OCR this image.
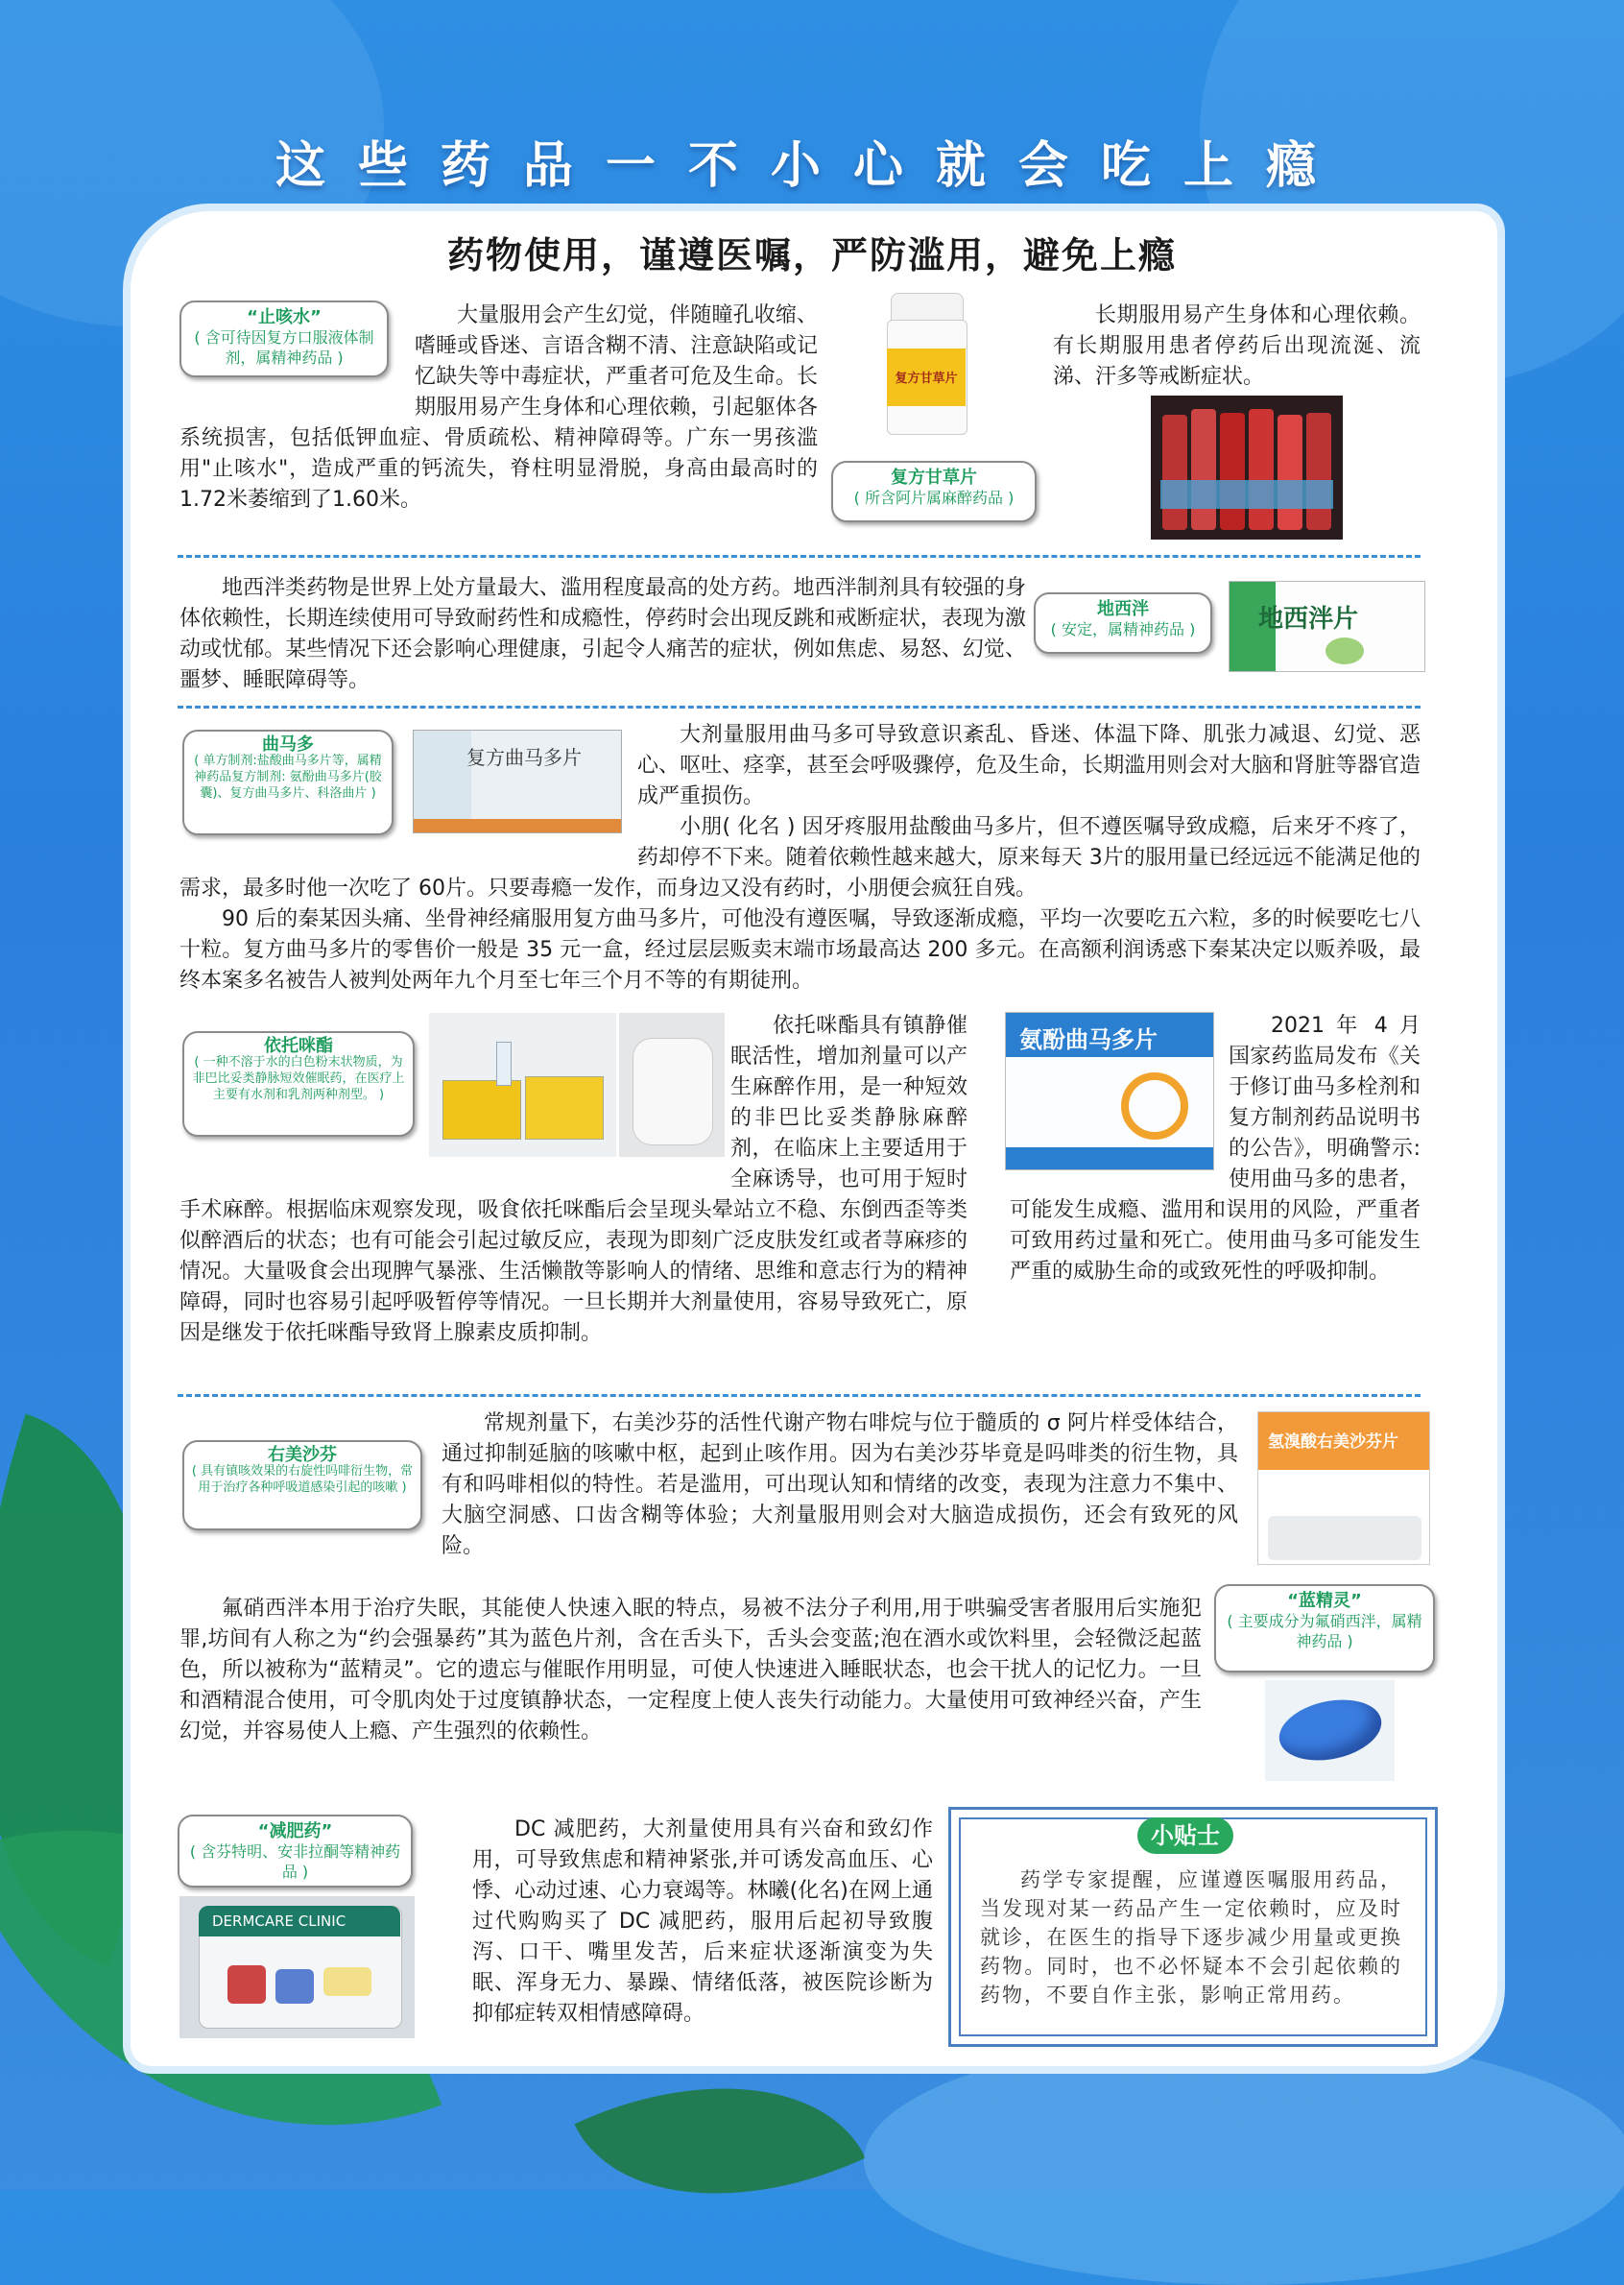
这些药品一不小心就会吃上瘾
药物使用，谨遵医嘱，严防滥用，避免上瘾
“止咳水”
( 含可待因复方口服液体制剂，属精神药品 )

大量服用会产生幻觉，伴随瞳孔收缩、嗜睡或昏迷、言语含糊不清、注意缺陷或记忆缺失等中毒症状，严重者可危及生命。长期服用易产生身体和心理依赖，引起躯体各系统损害，包括低钾血症、骨质疏松、精神障碍等。广东一男孩滥用"止咳水"，造成严重的钙流失，脊柱明显滑脱，身高由最高时的1.72米萎缩到了1.60米。

复方甘草片
复方甘草片
( 所含阿片属麻醉药品 )

长期服用易产生身体和心理依赖。有长期服用患者停药后出现流涎、流涕、汗多等戒断症状。

地西泮类药物是世界上处方量最大、滥用程度最高的处方药。地西泮制剂具有较强的身体依赖性，长期连续使用可导致耐药性和成瘾性，停药时会出现反跳和戒断症状，表现为激动或忧郁。某些情况下还会影响心理健康，引起令人痛苦的症状，例如焦虑、易怒、幻觉、噩梦、睡眠障碍等。

地西泮
( 安定，属精神药品 )	地西泮片
曲马多
( 单方制剂:盐酸曲马多片等，属精神药品复方制剂: 氨酚曲马多片(胶囊)、复方曲马多片、科洛曲片 )
复方曲马多片

大剂量服用曲马多可导致意识紊乱、昏迷、体温下降、肌张力减退、幻觉、恶心、呕吐、痉挛，甚至会呼吸骤停，危及生命，长期滥用则会对大脑和肾脏等器官造成严重损伤。

小朋( 化名 ) 因牙疼服用盐酸曲马多片，但不遵医嘱导致成瘾，后来牙不疼了，药却停不下来。随着依赖性越来越大，原来每天 3片的服用量已经远远不能满足他的需求，最多时他一次吃了 60片。只要毒瘾一发作，而身边又没有药时，小朋便会疯狂自残。

90 后的秦某因头痛、坐骨神经痛服用复方曲马多片，可他没有遵医嘱，导致逐渐成瘾，平均一次要吃五六粒，多的时候要吃七八十粒。复方曲马多片的零售价一般是 35 元一盒，经过层层贩卖末端市场最高达 200 多元。在高额利润诱惑下秦某决定以贩养吸，最终本案多名被告人被判处两年九个月至七年三个月不等的有期徒刑。

依托咪酯
( 一种不溶于水的白色粉末状物质，为非巴比妥类静脉短效催眠药，在医疗上主要有水剂和乳剂两种剂型。 )

依托咪酯具有镇静催眠活性，增加剂量可以产生麻醉作用，是一种短效的非巴比妥类静脉麻醉剂，在临床上主要适用于全麻诱导，也可用于短时手术麻醉。根据临床观察发现，吸食依托咪酯后会呈现头晕站立不稳、东倒西歪等类似醉酒后的状态；也有可能会引起过敏反应，表现为即刻广泛皮肤发红或者荨麻疹的情况。大量吸食会出现脾气暴涨、生活懒散等影响人的情绪、思维和意志行为的精神障碍，同时也容易引起呼吸暂停等情况。一旦长期并大剂量使用，容易导致死亡，原因是继发于依托咪酯导致肾上腺素皮质抑制。

氨酚曲马多片

2021 年 4 月国家药监局发布《关于修订曲马多栓剂和复方制剂药品说明书的公告》，明确警示: 使用曲马多的患者，可能发生成瘾、滥用和误用的风险，严重者可致用药过量和死亡。使用曲马多可能发生严重的威胁生命的或致死性的呼吸抑制。

右美沙芬
( 具有镇咳效果的右旋性吗啡衍生物，常用于治疗各种呼吸道感染引起的咳嗽 )

常规剂量下，右美沙芬的活性代谢产物右啡烷与位于髓质的 σ 阿片样受体结合，通过抑制延脑的咳嗽中枢，起到止咳作用。因为右美沙芬毕竟是吗啡类的衍生物，具有和吗啡相似的特性。若是滥用，可出现认知和情绪的改变，表现为注意力不集中、大脑空洞感、口齿含糊等体验；大剂量服用则会对大脑造成损伤，还会有致死的风险。

氢溴酸右美沙芬片

氟硝西泮本用于治疗失眠，其能使人快速入眠的特点，易被不法分子利用,用于哄骗受害者服用后实施犯罪,坊间有人称之为“约会强暴药”其为蓝色片剂，含在舌头下，舌头会变蓝;泡在酒水或饮料里，会轻微泛起蓝色，所以被称为“蓝精灵”。它的遗忘与催眠作用明显，可使人快速进入睡眠状态，也会干扰人的记忆力。一旦和酒精混合使用，可令肌肉处于过度镇静状态，一定程度上使人丧失行动能力。大量使用可致神经兴奋，产生幻觉，并容易使人上瘾、产生强烈的依赖性。

“蓝精灵”
( 主要成分为氟硝西泮，属精神药品 )
“减肥药”
( 含芬特明、安非拉酮等精神药品 )
DERMCARE CLINIC

DC 减肥药，大剂量使用具有兴奋和致幻作用，可导致焦虑和精神紧张,并可诱发高血压、心悸、心动过速、心力衰竭等。林曦(化名)在网上通过代购购买了 DC 减肥药，服用后起初导致腹泻、口干、嘴里发苦，后来症状逐渐演变为失眠、浑身无力、暴躁、情绪低落，被医院诊断为抑郁症转双相情感障碍。

小贴士

药学专家提醒，应谨遵医嘱服用药品，当发现对某一药品产生一定依赖时，应及时就诊，在医生的指导下逐步减少用量或更换药物。同时，也不必怀疑本不会引起依赖的药物，不要自作主张，影响正常用药。
